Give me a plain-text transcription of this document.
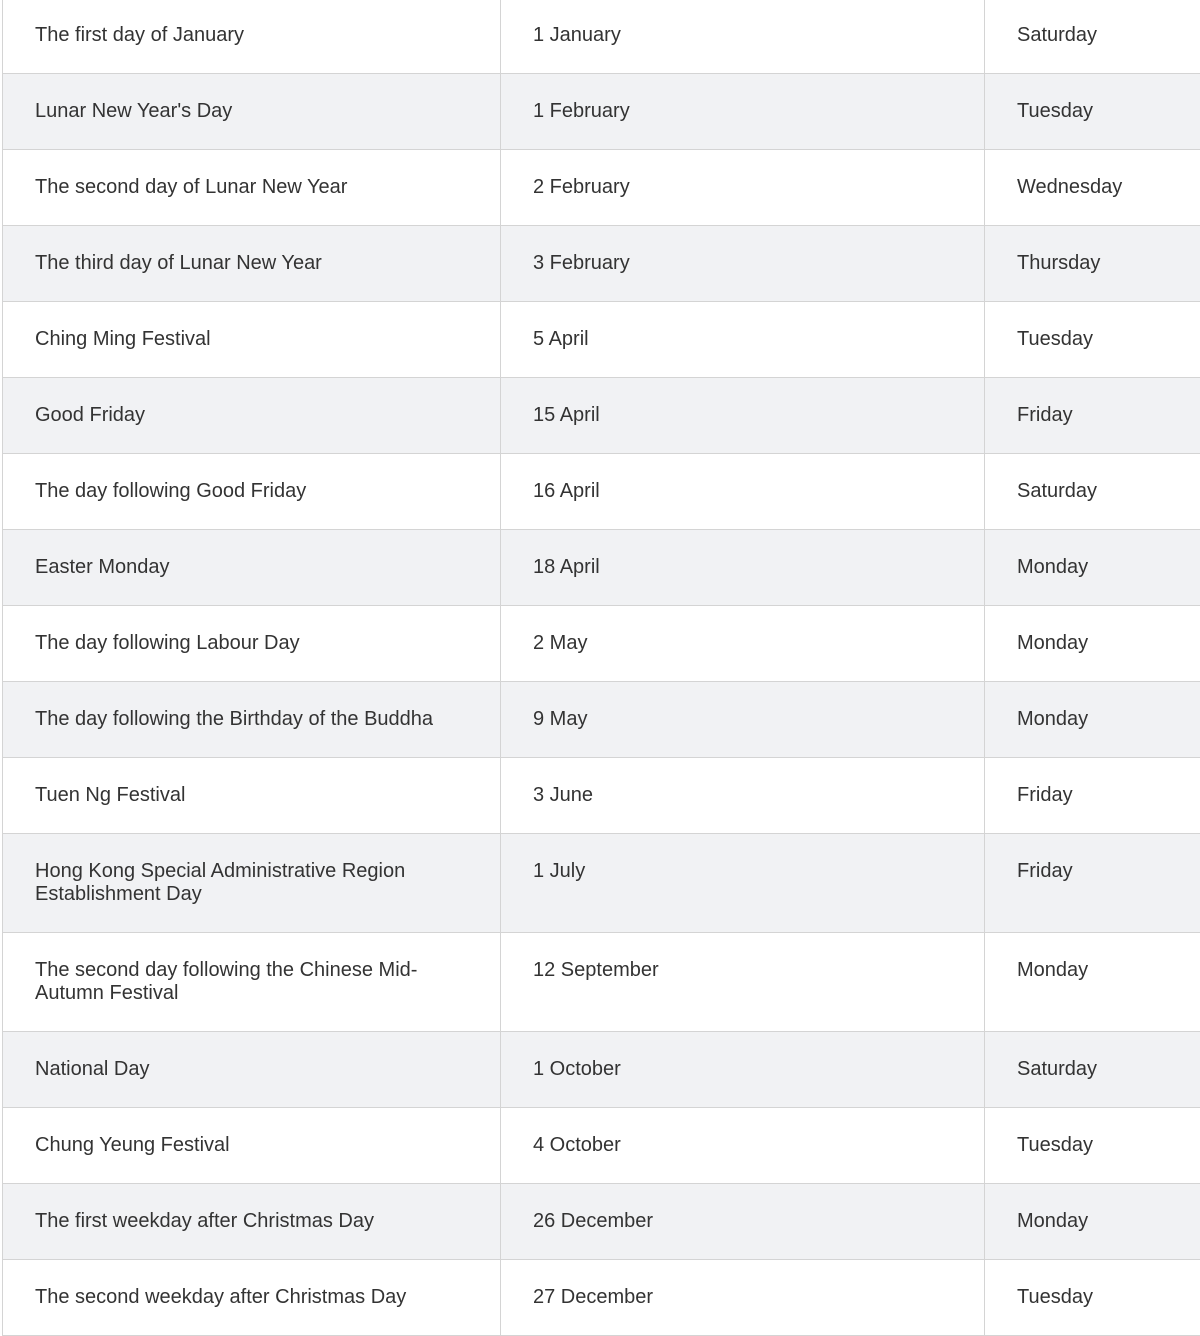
The first day of January	1 January	Saturday
Lunar New Year's Day	1 February	Tuesday
The second day of Lunar New Year	2 February	Wednesday
The third day of Lunar New Year	3 February	Thursday
Ching Ming Festival	5 April	Tuesday
Good Friday	15 April	Friday
The day following Good Friday	16 April	Saturday
Easter Monday	18 April	Monday
The day following Labour Day	2 May	Monday
The day following the Birthday of the Buddha	9 May	Monday
Tuen Ng Festival	3 June	Friday
Hong Kong Special Administrative Region Establishment Day	1 July	Friday
The second day following the Chinese Mid-Autumn Festival	12 September	Monday
National Day	1 October	Saturday
Chung Yeung Festival	4 October	Tuesday
The first weekday after Christmas Day	26 December	Monday
The second weekday after Christmas Day	27 December	Tuesday
